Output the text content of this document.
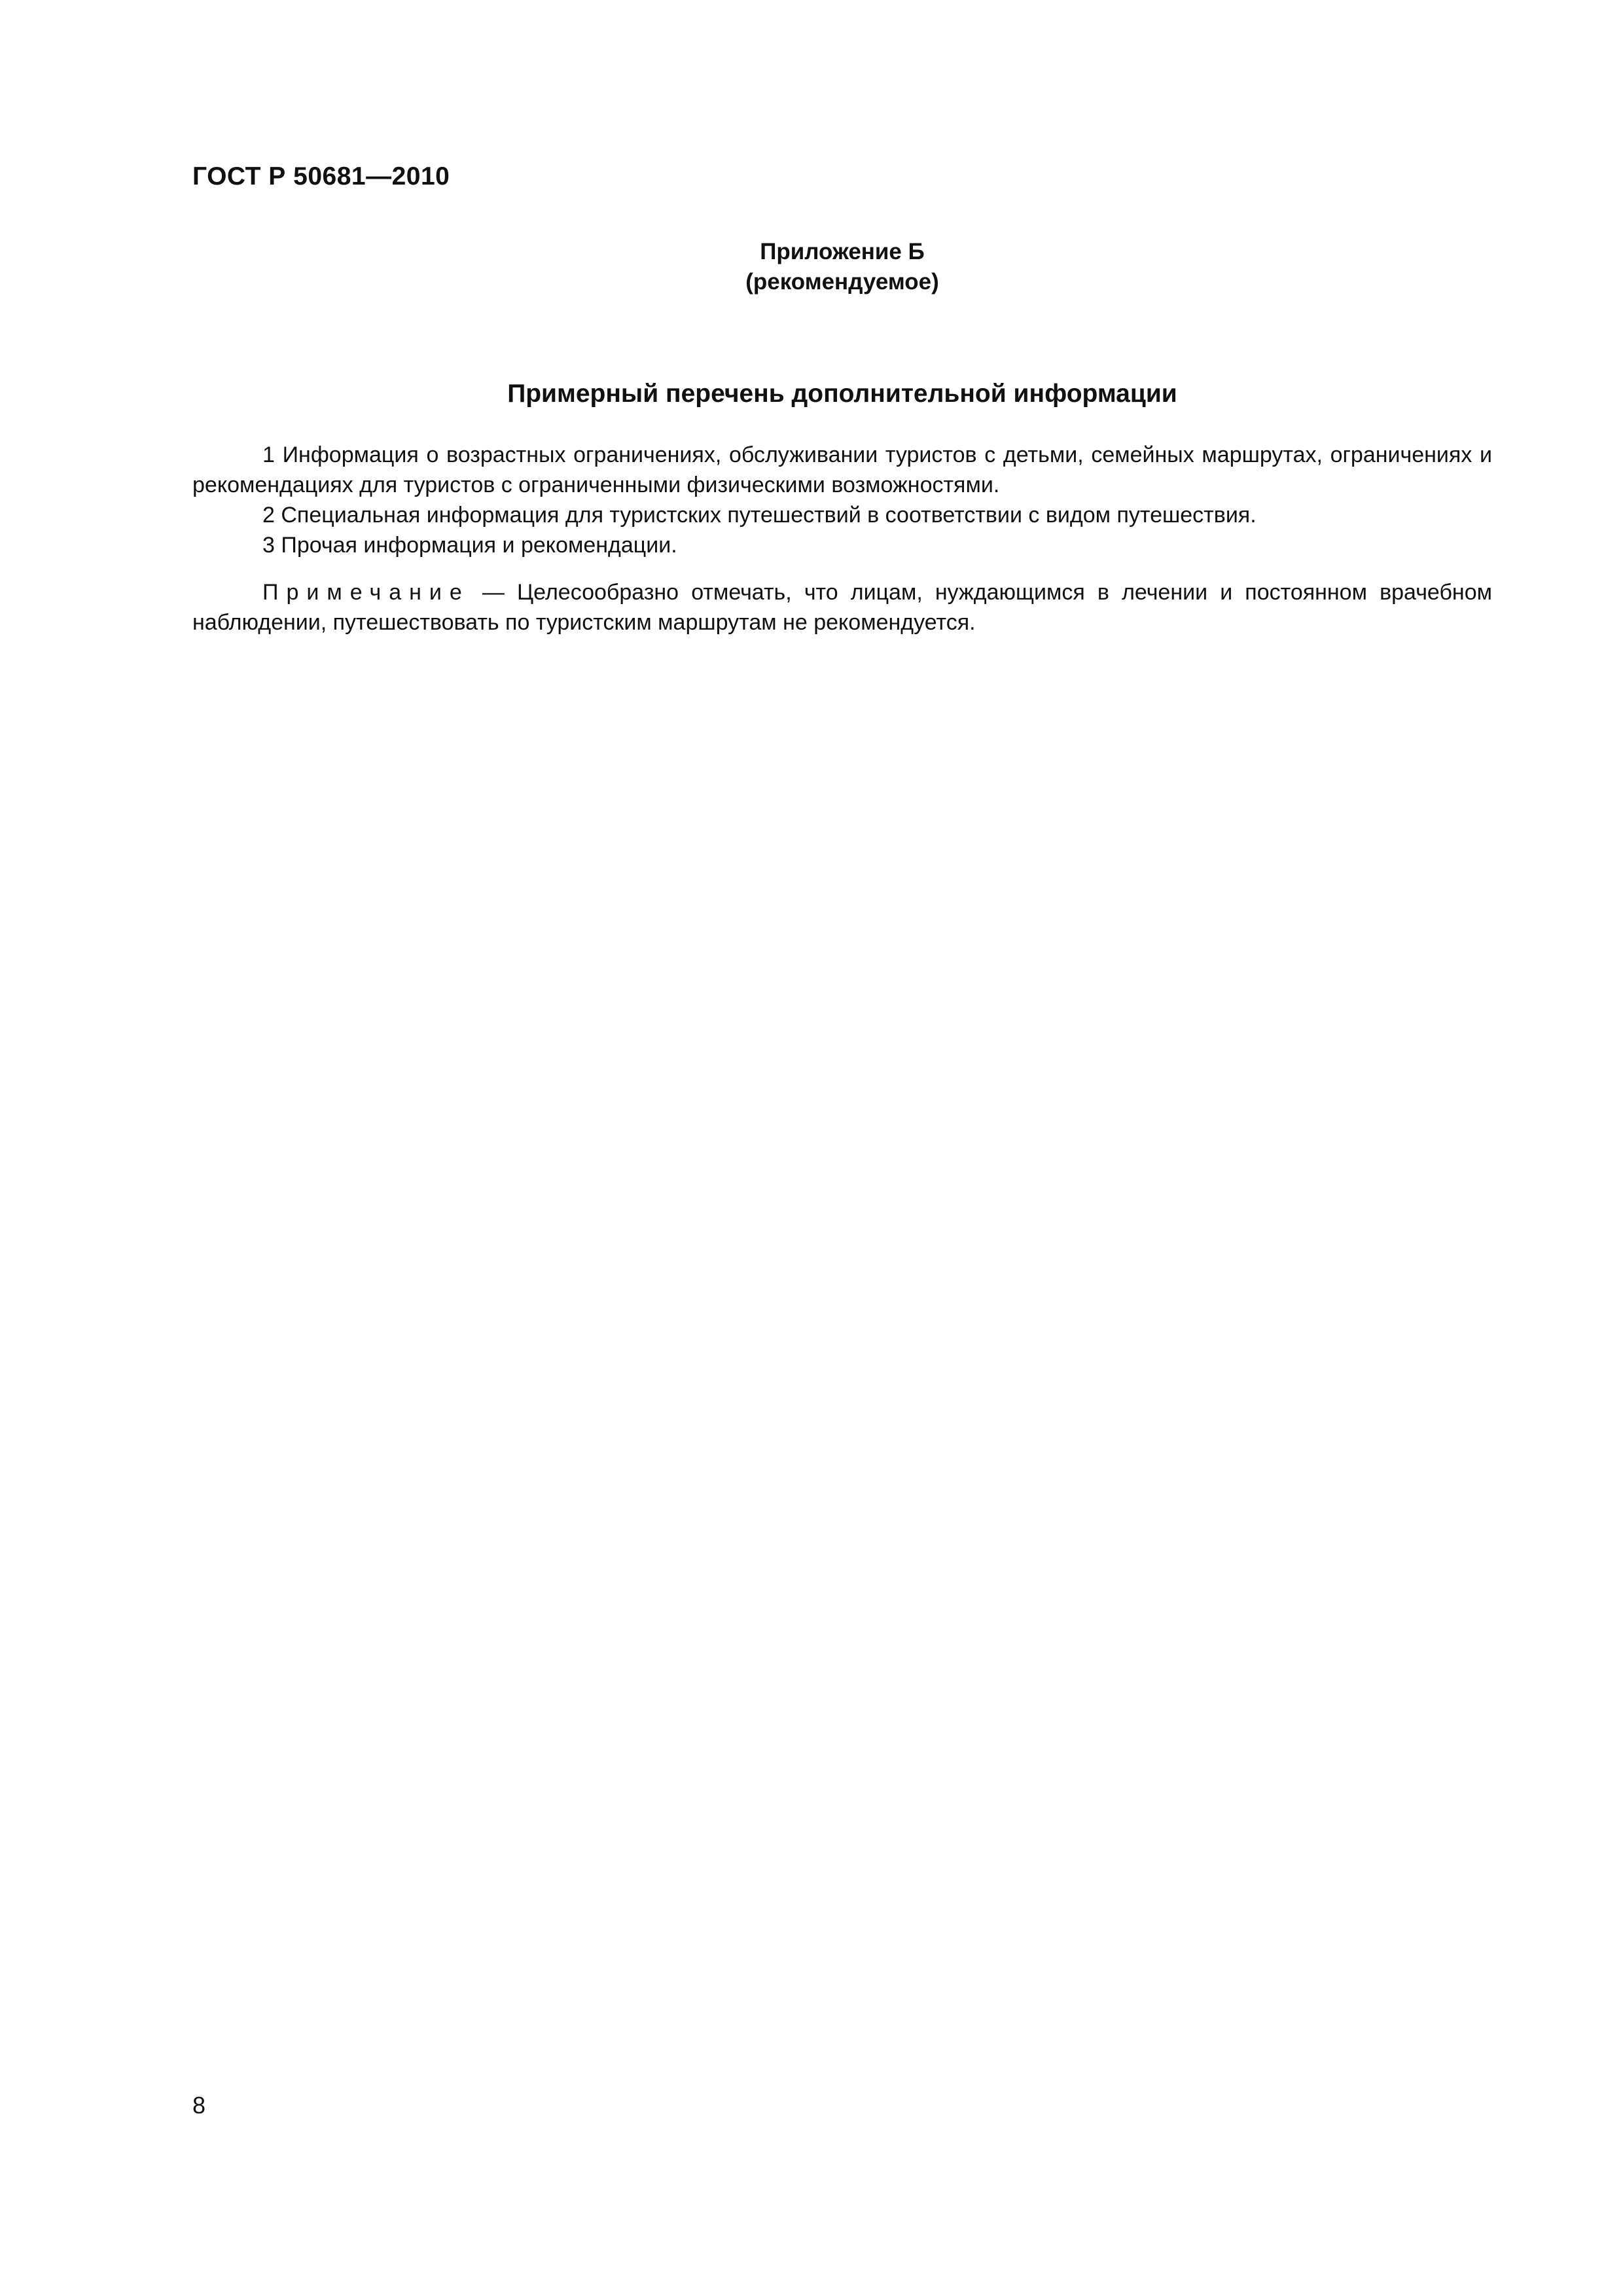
ГОСТ Р 50681—2010
Приложение Б
(рекомендуемое)
Примерный перечень дополнительной информации

1 Информация о возрастных ограничениях, обслуживании туристов с детьми, семейных маршрутах, ограничениях и рекомендациях для туристов с ограниченными физическими возможностями.

2 Специальная информация для туристских путешествий в соответствии с видом путешествия.

3 Прочая информация и рекомендации.

Примечание — Целесообразно отмечать, что лицам, нуждающимся в лечении и постоянном врачебном наблюдении, путешествовать по туристским маршрутам не рекомендуется.

8
